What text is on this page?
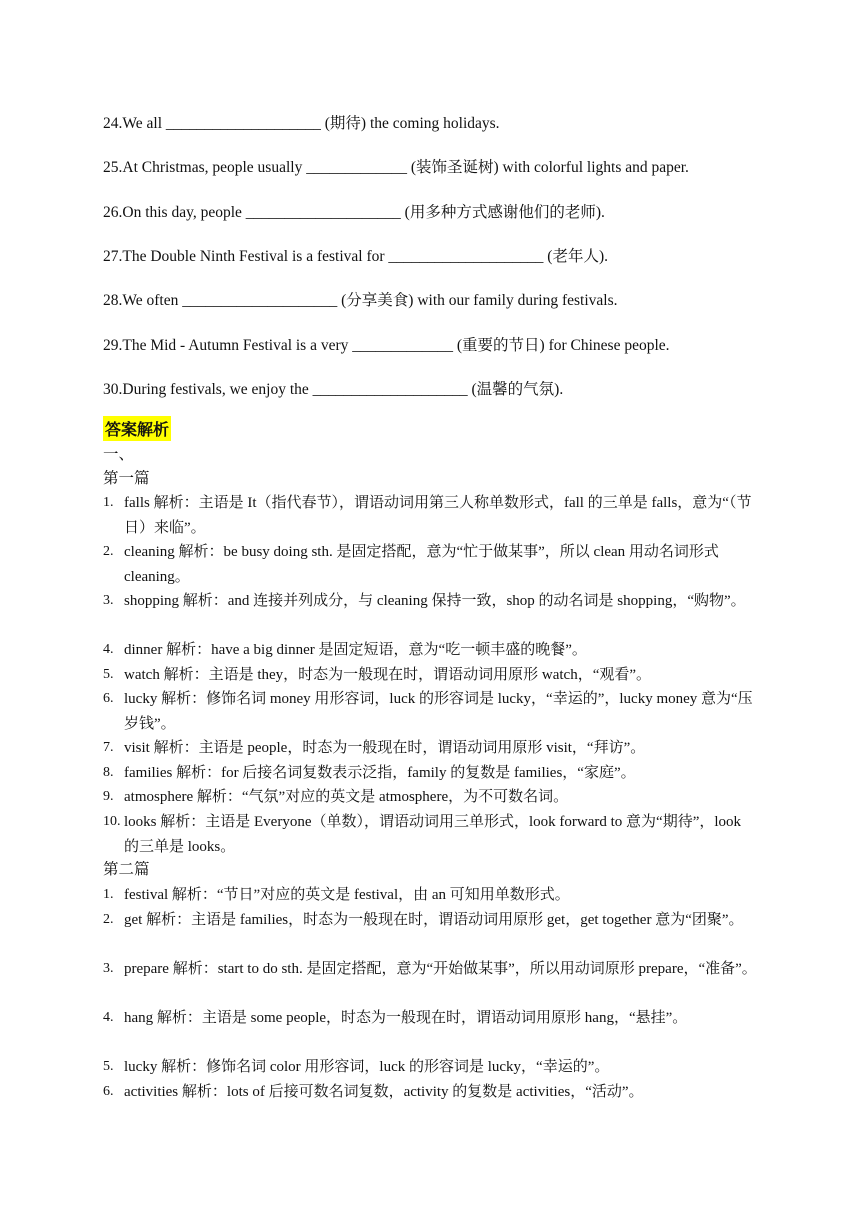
24.We all ____________________ (期待) the coming holidays.
25.At Christmas, people usually _____________ (装饰圣诞树) with colorful lights and paper.
26.On this day, people ____________________ (用多种方式感谢他们的老师).
27.The Double Ninth Festival is a festival for ____________________ (老年人).
28.We often ____________________ (分享美食) with our family during festivals.
29.The Mid - Autumn Festival is a very _____________ (重要的节日) for Chinese people.
30.During festivals, we enjoy the ____________________ (温馨的气氛).
答案解析
一、
第一篇
1. falls 解析：主语是 It（指代春节），谓语动词用第三人称单数形式，fall 的三单是 falls，意为“（节日）来临”。
2. cleaning 解析：be busy doing sth. 是固定搭配，意为“忙于做某事”，所以 clean 用动名词形式 cleaning。
3. shopping 解析：and 连接并列成分，与 cleaning 保持一致，shop 的动名词是 shopping，“购物”。
4. dinner 解析：have a big dinner 是固定短语，意为“吃一顿丰盛的晚餐”。
5. watch 解析：主语是 they，时态为一般现在时，谓语动词用原形 watch，“观看”。
6. lucky 解析：修饰名词 money 用形容词，luck 的形容词是 lucky，“幸运的”，lucky money 意为“压岁钱”。
7. visit 解析：主语是 people，时态为一般现在时，谓语动词用原形 visit，“拜访”。
8. families 解析：for 后接名词复数表示泛指，family 的复数是 families，“家庭”。
9. atmosphere 解析：“气氛”对应的英文是 atmosphere，为不可数名词。
10. looks 解析：主语是 Everyone（单数），谓语动词用三单形式，look forward to 意为“期待”，look 的三单是 looks。
第二篇
1. festival 解析：“节日”对应的英文是 festival，由 an 可知用单数形式。
2. get 解析：主语是 families，时态为一般现在时，谓语动词用原形 get，get together 意为“团聚”。
3. prepare 解析：start to do sth. 是固定搭配，意为“开始做某事”，所以用动词原形 prepare，“准备”。
4. hang 解析：主语是 some people，时态为一般现在时，谓语动词用原形 hang，“悬挂”。
5. lucky 解析：修饰名词 color 用形容词，luck 的形容词是 lucky，“幸运的”。
6. activities 解析：lots of 后接可数名词复数，activity 的复数是 activities，“活动”。
